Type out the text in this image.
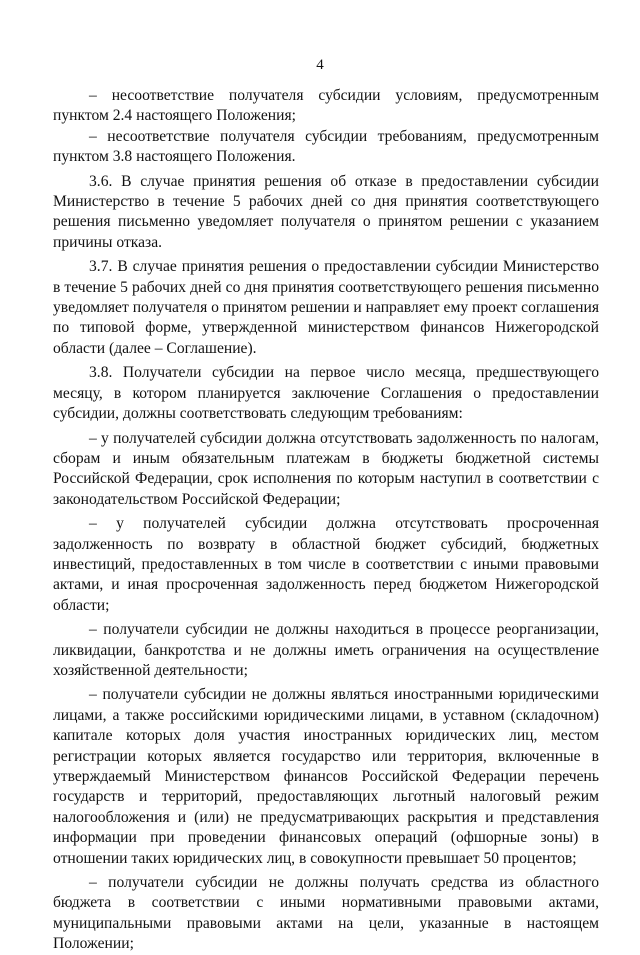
4

– несоответствие получателя субсидии условиям, предусмотренным пунктом 2.4 настоящего Положения;

– несоответствие получателя субсидии требованиям, предусмотренным пунктом 3.8 настоящего Положения.

3.6. В случае принятия решения об отказе в предоставлении субсидии Министерство в течение 5 рабочих дней со дня принятия соответствующего решения письменно уведомляет получателя о принятом решении с указанием причины отказа.

3.7. В случае принятия решения о предоставлении субсидии Министерство в течение 5 рабочих дней со дня принятия соответствующего решения письменно уведомляет получателя о принятом решении и направляет ему проект соглашения по типовой форме, утвержденной министерством финансов Нижегородской области (далее – Соглашение).

3.8. Получатели субсидии на первое число месяца, предшествующего месяцу, в котором планируется заключение Соглашения о предоставлении субсидии, должны соответствовать следующим требованиям:

– у получателей субсидии должна отсутствовать задолженность по налогам, сборам и иным обязательным платежам в бюджеты бюджетной системы Российской Федерации, срок исполнения по которым наступил в соответствии с законодательством Российской Федерации;

– у получателей субсидии должна отсутствовать просроченная задолженность по возврату в областной бюджет субсидий, бюджетных инвестиций, предоставленных в том числе в соответствии с иными правовыми актами, и иная просроченная задолженность перед бюджетом Нижегородской области;

– получатели субсидии не должны находиться в процессе реорганизации, ликвидации, банкротства и не должны иметь ограничения на осуществление хозяйственной деятельности;

– получатели субсидии не должны являться иностранными юридическими лицами, а также российскими юридическими лицами, в уставном (складочном) капитале которых доля участия иностранных юридических лиц, местом регистрации которых является государство или территория, включенные в утверждаемый Министерством финансов Российской Федерации перечень государств и территорий, предоставляющих льготный налоговый режим налогообложения и (или) не предусматривающих раскрытия и представления информации при проведении финансовых операций (офшорные зоны) в отношении таких юридических лиц, в совокупности превышает 50 процентов;

– получатели субсидии не должны получать средства из областного бюджета в соответствии с иными нормативными правовыми актами, муниципальными правовыми актами на цели, указанные в настоящем Положении;
